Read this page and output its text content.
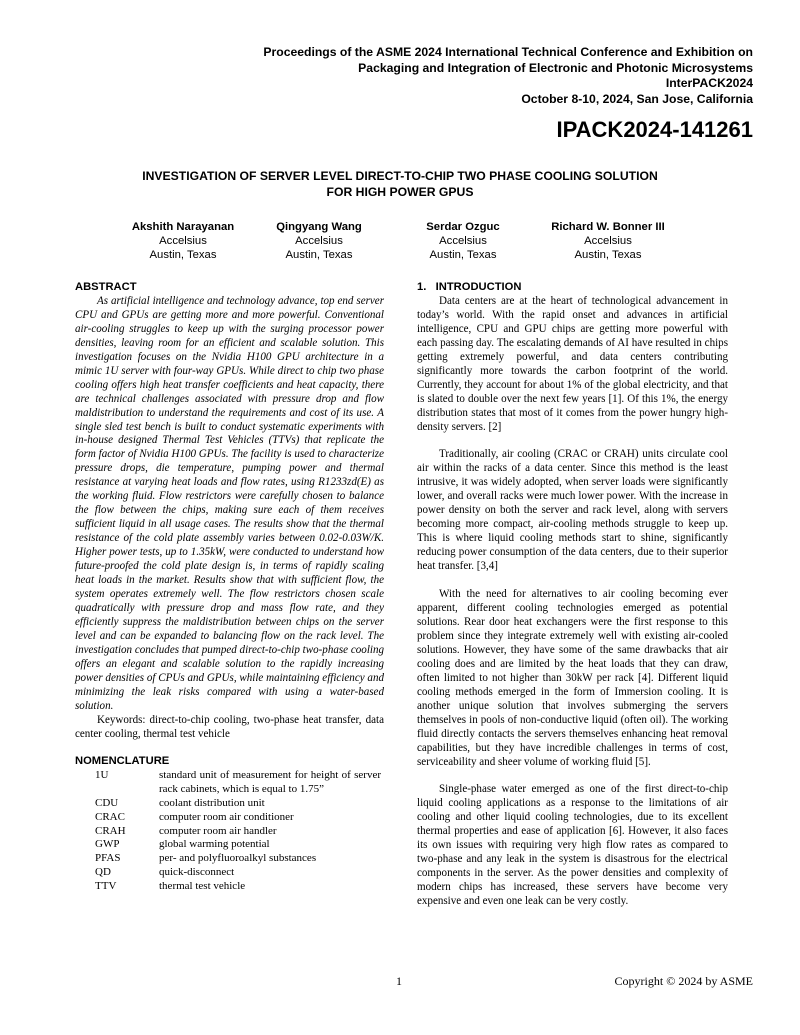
Proceedings of the ASME 2024 International Technical Conference and Exhibition on
Packaging and Integration of Electronic and Photonic Microsystems
InterPACK2024
October 8-10, 2024, San Jose, California
IPACK2024-141261
INVESTIGATION OF SERVER LEVEL DIRECT-TO-CHIP TWO PHASE COOLING SOLUTION
FOR HIGH POWER GPUS
Akshith Narayanan
Accelsius
Austin, Texas
Qingyang Wang
Accelsius
Austin, Texas
Serdar Ozguc
Accelsius
Austin, Texas
Richard W. Bonner III
Accelsius
Austin, Texas
ABSTRACT
As artificial intelligence and technology advance, top end server CPU and GPUs are getting more and more powerful. Conventional air-cooling struggles to keep up with the surging processor power densities, leaving room for an efficient and scalable solution. This investigation focuses on the Nvidia H100 GPU architecture in a mimic 1U server with four-way GPUs. While direct to chip two phase cooling offers high heat transfer coefficients and heat capacity, there are technical challenges associated with pressure drop and flow maldistribution to understand the requirements and cost of its use. A single sled test bench is built to conduct systematic experiments with in-house designed Thermal Test Vehicles (TTVs) that replicate the form factor of Nvidia H100 GPUs. The facility is used to characterize pressure drops, die temperature, pumping power and thermal resistance at varying heat loads and flow rates, using R1233zd(E) as the working fluid. Flow restrictors were carefully chosen to balance the flow between the chips, making sure each of them receives sufficient liquid in all usage cases. The results show that the thermal resistance of the cold plate assembly varies between 0.02-0.03W/K. Higher power tests, up to 1.35kW, were conducted to understand how future-proofed the cold plate design is, in terms of rapidly scaling heat loads in the market. Results show that with sufficient flow, the system operates extremely well. The flow restrictors chosen scale quadratically with pressure drop and mass flow rate, and they efficiently suppress the maldistribution between chips on the server level and can be expanded to balancing flow on the rack level. The investigation concludes that pumped direct-to-chip two-phase cooling offers an elegant and scalable solution to the rapidly increasing power densities of CPUs and GPUs, while maintaining efficiency and minimizing the leak risks compared with using a water-based solution.
Keywords: direct-to-chip cooling, two-phase heat transfer, data center cooling, thermal test vehicle
NOMENCLATURE
1U	standard unit of measurement for height of server rack cabinets, which is equal to 1.75”
CDU	coolant distribution unit
CRAC	computer room air conditioner
CRAH	computer room air handler
GWP	global warming potential
PFAS	per- and polyfluoroalkyl substances
QD	quick-disconnect
TTV	thermal test vehicle
1.   INTRODUCTION
Data centers are at the heart of technological advancement in today’s world. With the rapid onset and advances in artificial intelligence, CPU and GPU chips are getting more powerful with each passing day. The escalating demands of AI have resulted in chips getting extremely powerful, and data centers contributing significantly more towards the carbon footprint of the world. Currently, they account for about 1% of the global electricity, and that is slated to double over the next few years [1]. Of this 1%, the energy distribution states that most of it comes from the power hungry high-density servers. [2]
Traditionally, air cooling (CRAC or CRAH) units circulate cool air within the racks of a data center. Since this method is the least intrusive, it was widely adopted, when server loads were significantly lower, and overall racks were much lower power. With the increase in power density on both the server and rack level, along with servers becoming more compact, air-cooling methods struggle to keep up. This is where liquid cooling methods start to shine, significantly reducing power consumption of the data centers, due to their superior heat transfer. [3,4]
With the need for alternatives to air cooling becoming ever apparent, different cooling technologies emerged as potential solutions. Rear door heat exchangers were the first response to this problem since they integrate extremely well with existing air-cooled solutions. However, they have some of the same drawbacks that air cooling does and are limited by the heat loads that they can draw, often limited to not higher than 30kW per rack [4]. Different liquid cooling methods emerged in the form of Immersion cooling. It is another unique solution that involves submerging the servers themselves in pools of non-conductive liquid (often oil). The working fluid directly contacts the servers themselves enhancing heat removal capabilities, but they have incredible challenges in terms of cost, serviceability and sheer volume of working fluid [5].
Single-phase water emerged as one of the first direct-to-chip liquid cooling applications as a response to the limitations of air cooling and other liquid cooling technologies, due to its excellent thermal properties and ease of application [6]. However, it also faces its own issues with requiring very high flow rates as compared to two-phase and any leak in the system is disastrous for the electrical components in the server. As the power densities and complexity of modern chips has increased, these servers have become very expensive and even one leak can be very costly.
1	Copyright © 2024 by ASME
